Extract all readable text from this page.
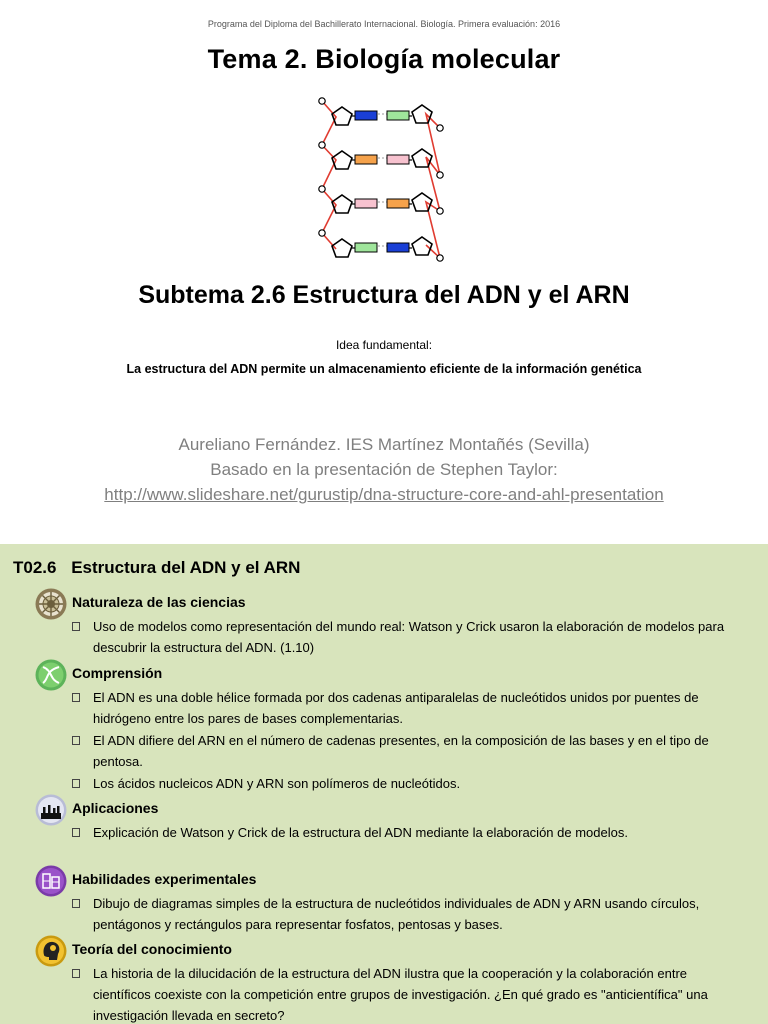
Programa del Diploma del Bachillerato Internacional. Biología. Primera evaluación: 2016
Tema 2. Biología molecular
Subtema 2.6 Estructura del ADN y el ARN
Idea fundamental:
La estructura del ADN permite un almacenamiento eficiente de la información genética
Aureliano Fernández. IES Martínez Montañés (Sevilla)
Basado en la presentación de Stephen Taylor:
http://www.slideshare.net/gurustip/dna-structure-core-and-ahl-presentation
T02.6 Estructura del ADN y el ARN
Naturaleza de las ciencias
Uso de modelos como representación del mundo real: Watson y Crick usaron la elaboración de modelos para descubrir la estructura del ADN. (1.10)
Comprensión
El ADN es una doble hélice formada por dos cadenas antiparalelas de nucleótidos unidos por puentes de hidrógeno entre los pares de bases complementarias.
El ADN difiere del ARN en el número de cadenas presentes, en la composición de las bases y en el tipo de pentosa.
Los ácidos nucleicos ADN y ARN son polímeros de nucleótidos.
Aplicaciones
Explicación de Watson y Crick de la estructura del ADN mediante la elaboración de modelos.
Habilidades experimentales
Dibujo de diagramas simples de la estructura de nucleótidos individuales de ADN y ARN usando círculos, pentágonos y rectángulos para representar fosfatos, pentosas y bases.
Teoría del conocimiento
La historia de la dilucidación de la estructura del ADN ilustra que la cooperación y la colaboración entre científicos coexiste con la competición entre grupos de investigación. ¿En qué grado es "anticientífica" una investigación llevada en secreto?
